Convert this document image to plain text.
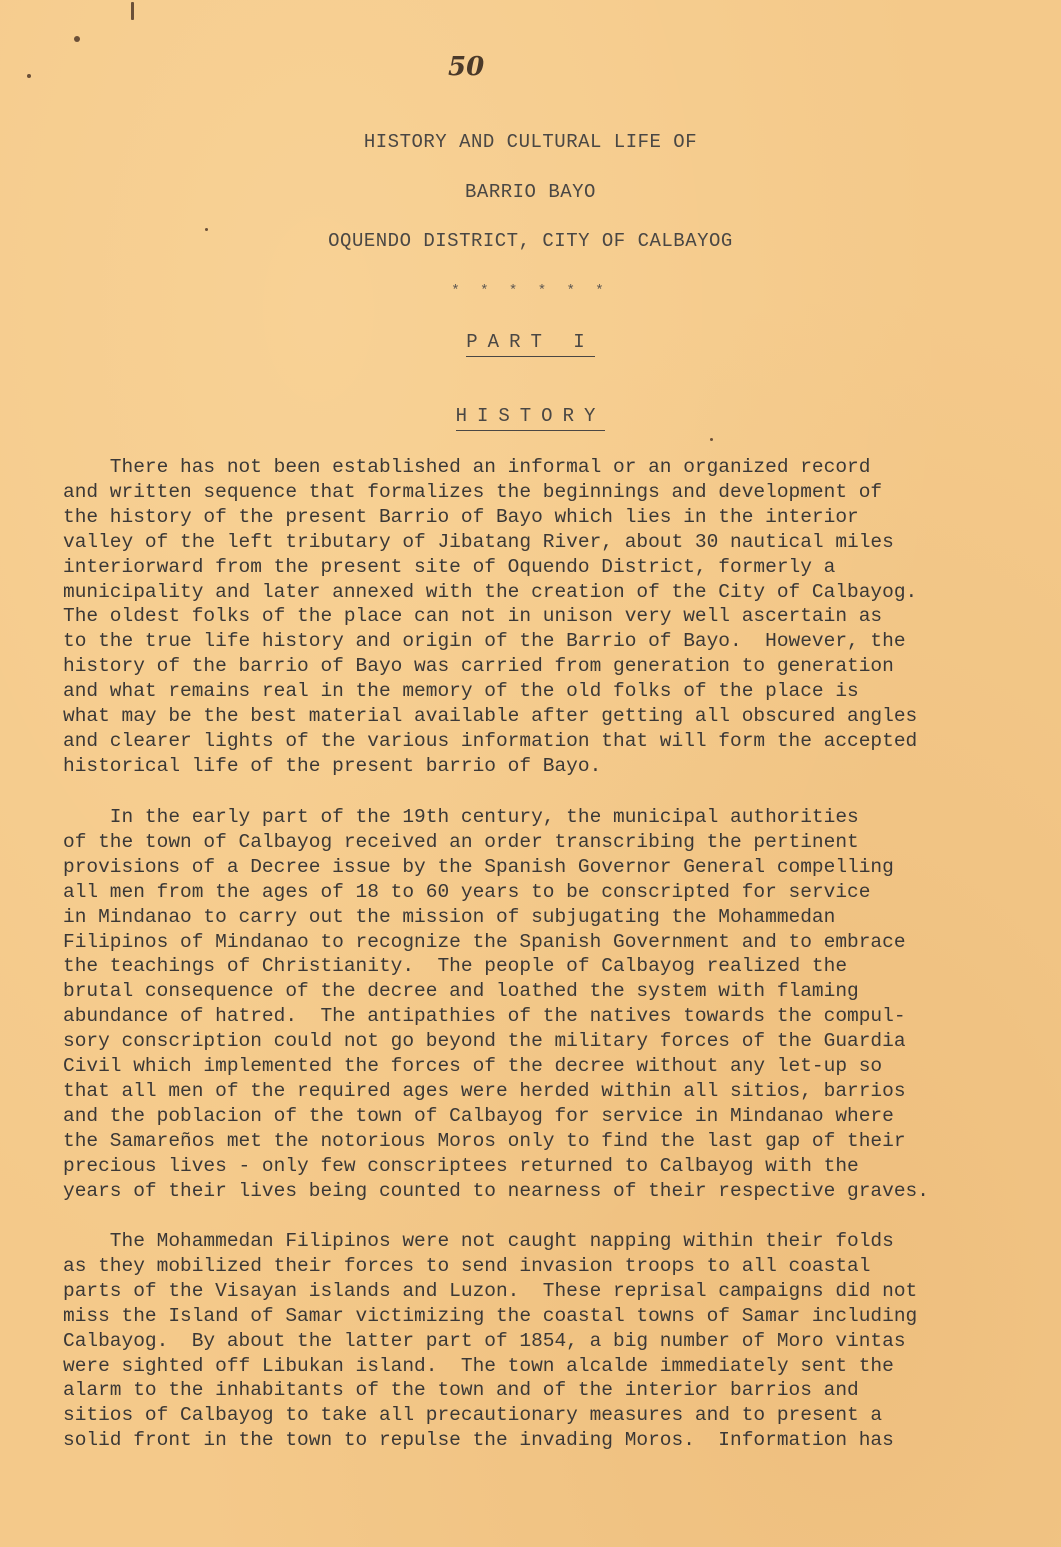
50
HISTORY AND CULTURAL LIFE OF
BARRIO BAYO
OQUENDO DISTRICT, CITY OF CALBAYOG
* * * * * *
PART I
HISTORY
There has not been established an informal or an organized record
and written sequence that formalizes the beginnings and development of
the history of the present Barrio of Bayo which lies in the interior
valley of the left tributary of Jibatang River, about 30 nautical miles
interiorward from the present site of Oquendo District, formerly a
municipality and later annexed with the creation of the City of Calbayog.
The oldest folks of the place can not in unison very well ascertain as
to the true life history and origin of the Barrio of Bayo.  However, the
history of the barrio of Bayo was carried from generation to generation
and what remains real in the memory of the old folks of the place is
what may be the best material available after getting all obscured angles
and clearer lights of the various information that will form the accepted
historical life of the present barrio of Bayo.
In the early part of the 19th century, the municipal authorities
of the town of Calbayog received an order transcribing the pertinent
provisions of a Decree issue by the Spanish Governor General compelling
all men from the ages of 18 to 60 years to be conscripted for service
in Mindanao to carry out the mission of subjugating the Mohammedan
Filipinos of Mindanao to recognize the Spanish Government and to embrace
the teachings of Christianity.  The people of Calbayog realized the
brutal consequence of the decree and loathed the system with flaming
abundance of hatred.  The antipathies of the natives towards the compul-
sory conscription could not go beyond the military forces of the Guardia
Civil which implemented the forces of the decree without any let-up so
that all men of the required ages were herded within all sitios, barrios
and the poblacion of the town of Calbayog for service in Mindanao where
the Samareños met the notorious Moros only to find the last gap of their
precious lives - only few conscriptees returned to Calbayog with the
years of their lives being counted to nearness of their respective graves.
The Mohammedan Filipinos were not caught napping within their folds
as they mobilized their forces to send invasion troops to all coastal
parts of the Visayan islands and Luzon.  These reprisal campaigns did not
miss the Island of Samar victimizing the coastal towns of Samar including
Calbayog.  By about the latter part of 1854, a big number of Moro vintas
were sighted off Libukan island.  The town alcalde immediately sent the
alarm to the inhabitants of the town and of the interior barrios and
sitios of Calbayog to take all precautionary measures and to present a
solid front in the town to repulse the invading Moros.  Information has
